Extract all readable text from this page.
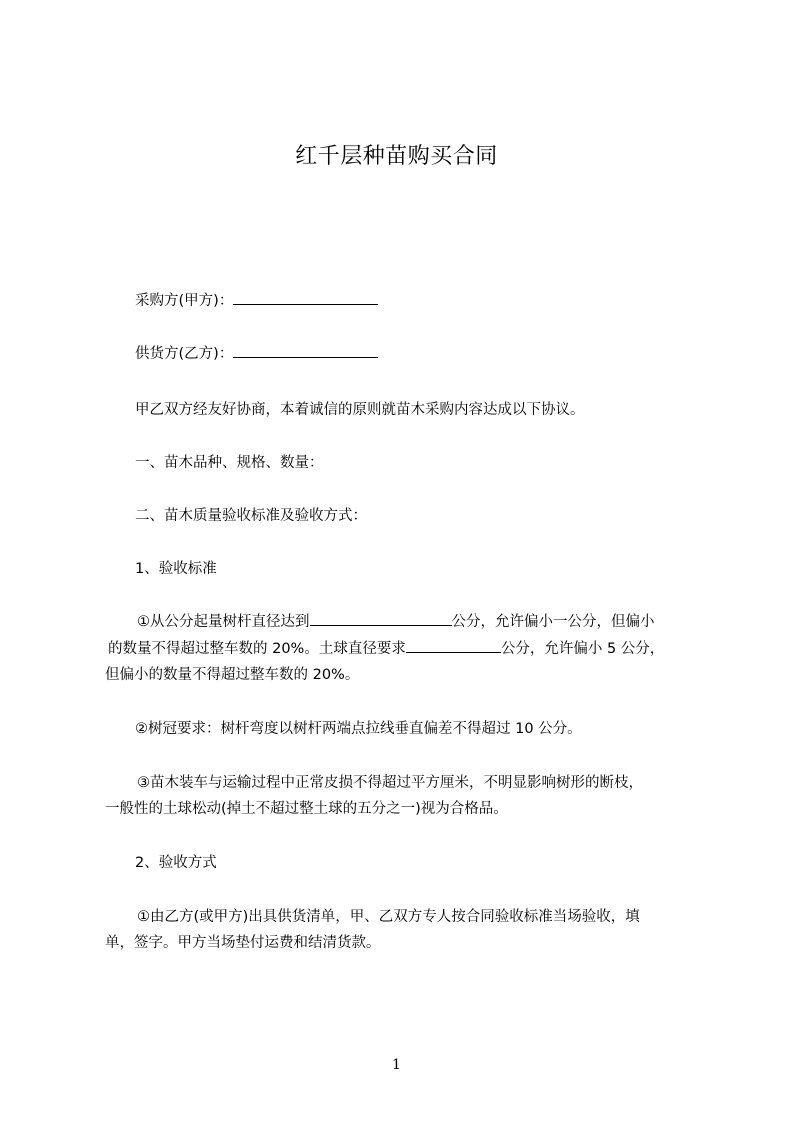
红千层种苗购买合同
采购方(甲方)：
供货方(乙方)：
甲乙双方经友好协商，本着诚信的原则就苗木采购内容达成以下协议。
一、苗木品种、规格、数量：
二、苗木质量验收标准及验收方式：
1、验收标准
①从公分起量树杆直径达到	公分，允许偏小一公分，但偏小
的数量不得超过整车数的 20%。土球直径要求	公分，允许偏小 5 公分，
但偏小的数量不得超过整车数的 20%。
②树冠要求：树杆弯度以树杆两端点拉线垂直偏差不得超过 10 公分。
③苗木装车与运输过程中正常皮损不得超过平方厘米，不明显影响树形的断枝，
一般性的土球松动(掉土不超过整土球的五分之一)视为合格品。
2、验收方式
①由乙方(或甲方)出具供货清单，甲、乙双方专人按合同验收标准当场验收，填
单，签字。甲方当场垫付运费和结清货款。
1
